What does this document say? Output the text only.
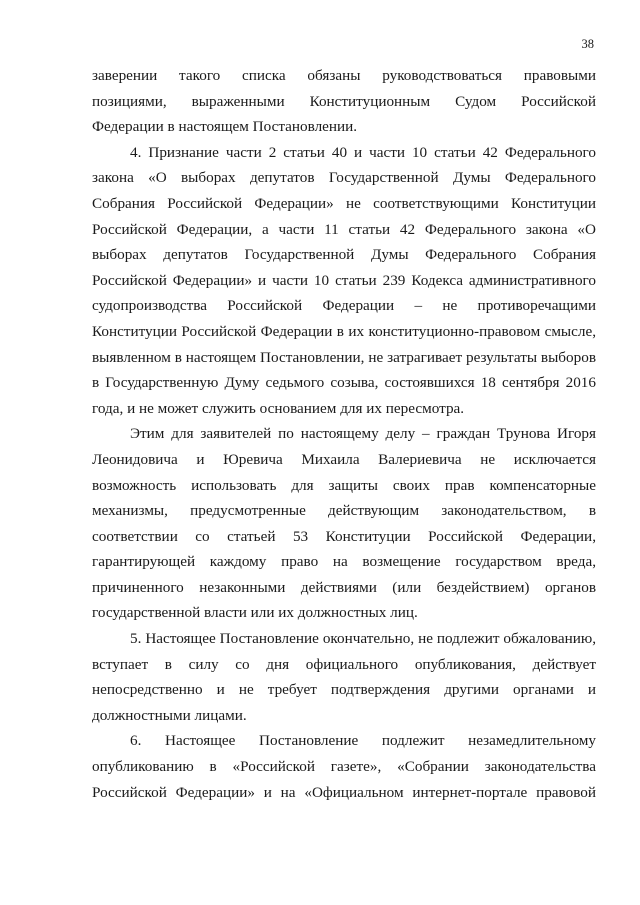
38
заверении такого списка обязаны руководствоваться правовыми
позициями, выраженными Конституционным Судом Российской
Федерации в настоящем Постановлении.
4. Признание части 2 статьи 40 и части 10 статьи 42 Федерального
закона «О выборах депутатов Государственной Думы Федерального
Собрания Российской Федерации» не соответствующими Конституции
Российской Федерации, а части 11 статьи 42 Федерального закона «О
выборах депутатов Государственной Думы Федерального Собрания
Российской Федерации» и части 10 статьи 239 Кодекса административного
судопроизводства Российской Федерации – не противоречащими
Конституции Российской Федерации в их конституционно-правовом смысле,
выявленном в настоящем Постановлении, не затрагивает результаты выборов
в Государственную Думу седьмого созыва, состоявшихся 18 сентября 2016
года, и не может служить основанием для их пересмотра.
Этим для заявителей по настоящему делу – граждан Трунова Игоря
Леонидовича и Юревича Михаила Валериевича не исключается
возможность использовать для защиты своих прав компенсаторные
механизмы, предусмотренные действующим законодательством, в
соответствии со статьей 53 Конституции Российской Федерации,
гарантирующей каждому право на возмещение государством вреда,
причиненного незаконными действиями (или бездействием) органов
государственной власти или их должностных лиц.
5. Настоящее Постановление окончательно, не подлежит обжалованию,
вступает в силу со дня официального опубликования, действует
непосредственно и не требует подтверждения другими органами и
должностными лицами.
6. Настоящее Постановление подлежит незамедлительному
опубликованию в «Российской газете», «Собрании законодательства
Российской Федерации» и на «Официальном интернет-портале правовой
